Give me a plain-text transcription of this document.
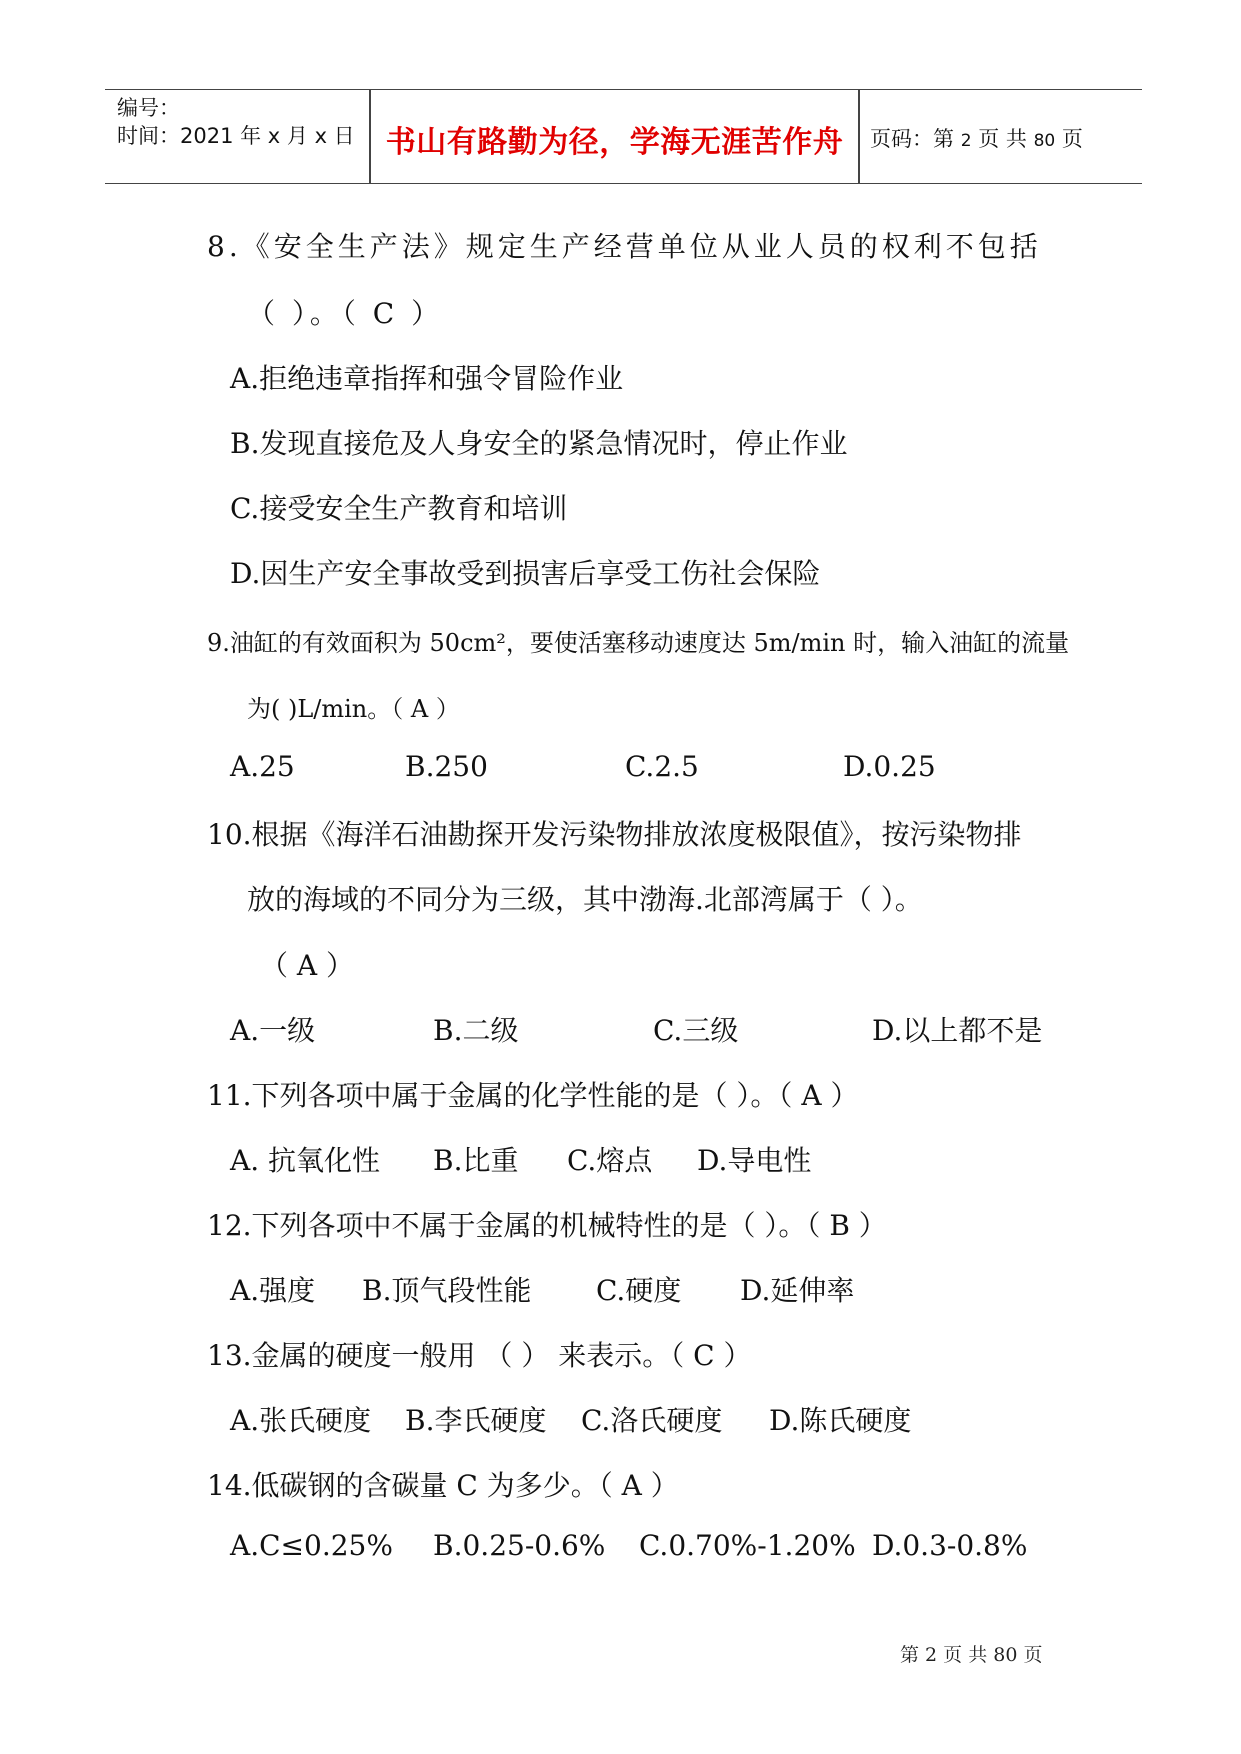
编号：
时间：2021 年 x 月 x 日	书山有路勤为径，学海无涯苦作舟	页码：第 2 页 共 80 页
8.《安全生产法》规定生产经营单位从业人员的权利不包括
（ ）。（ C ）
A.拒绝违章指挥和强令冒险作业
B.发现直接危及人身安全的紧急情况时，停止作业
C.接受安全生产教育和培训
D.因生产安全事故受到损害后享受工伤社会保险
9.油缸的有效面积为 50cm²，要使活塞移动速度达 5m/min 时，输入油缸的流量
为( )L/min。（ A ）
A.25	B.250	C.2.5	D.0.25
10.根据《海洋石油勘探开发污染物排放浓度极限值》，按污染物排
放的海域的不同分为三级，其中渤海.北部湾属于（ ）。
（ A ）
A.一级	B.二级	C.三级	D.以上都不是
11.下列各项中属于金属的化学性能的是（ ）。（ A ）
A. 抗氧化性 B.比重 C.熔点 D.导电性
12.下列各项中不属于金属的机械特性的是（ ）。（ B ）
A.强度 B.顶气段性能 C.硬度 D.延伸率
13.金属的硬度一般用 （ ） 来表示。（ C ）
A.张氏硬度 B.李氏硬度 C.洛氏硬度 D.陈氏硬度
14.低碳钢的含碳量 C 为多少。（ A ）
A.C≤0.25% B.0.25-0.6% C.0.70%-1.20% D.0.3-0.8%
第 2 页 共 80 页
